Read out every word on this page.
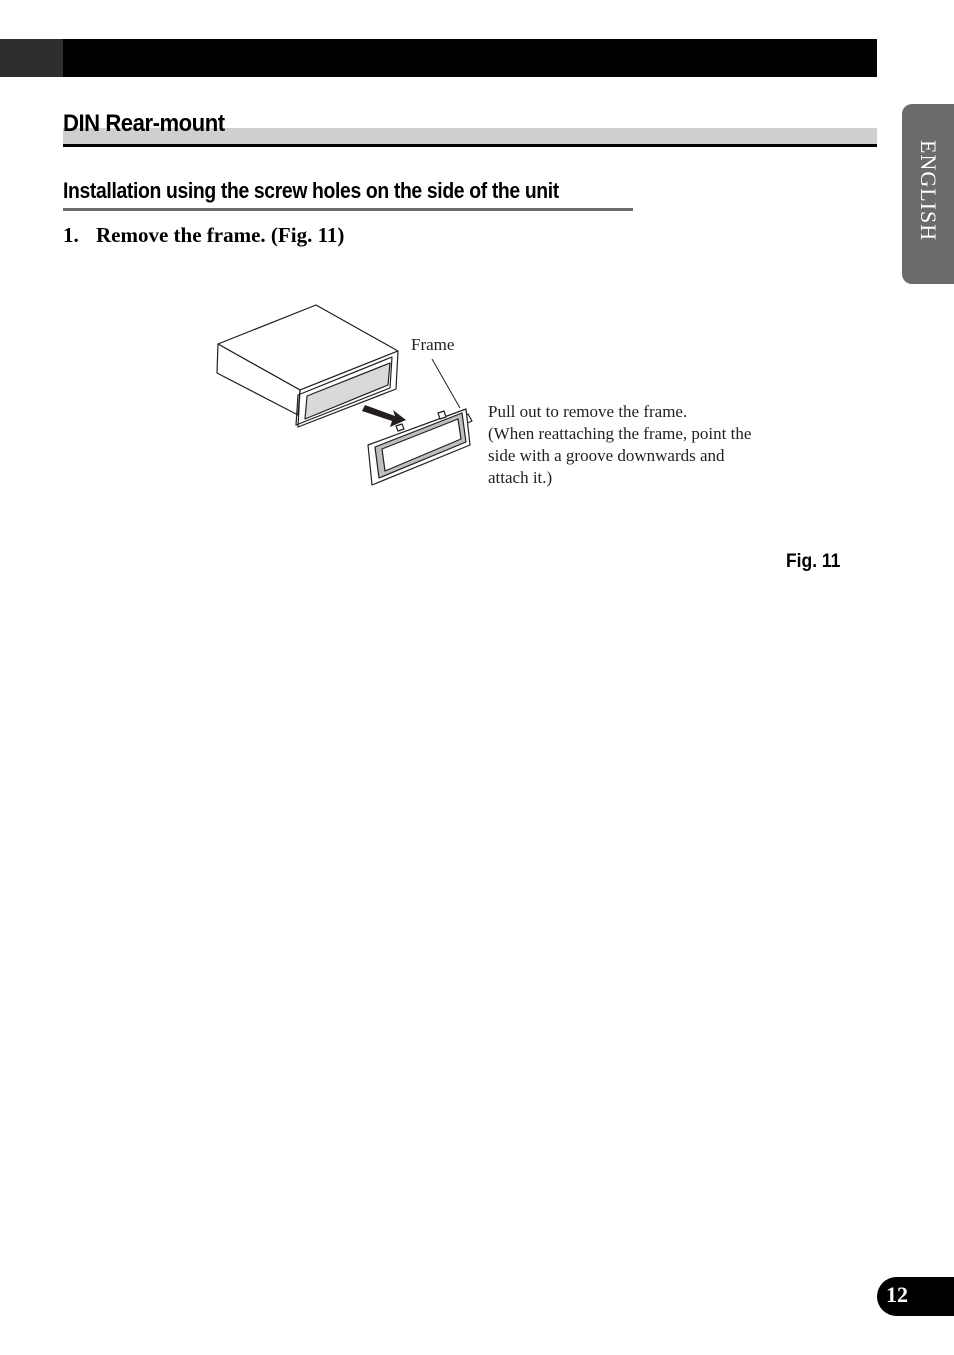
DIN Rear-mount
Installation using the screw holes on the side of the unit

1. Remove the frame. (Fig. 11)

Frame

Pull out to remove the frame.
(When reattaching the frame, point the
side with a groove downwards and
attach it.)

Fig. 11

ENGLISH
12
